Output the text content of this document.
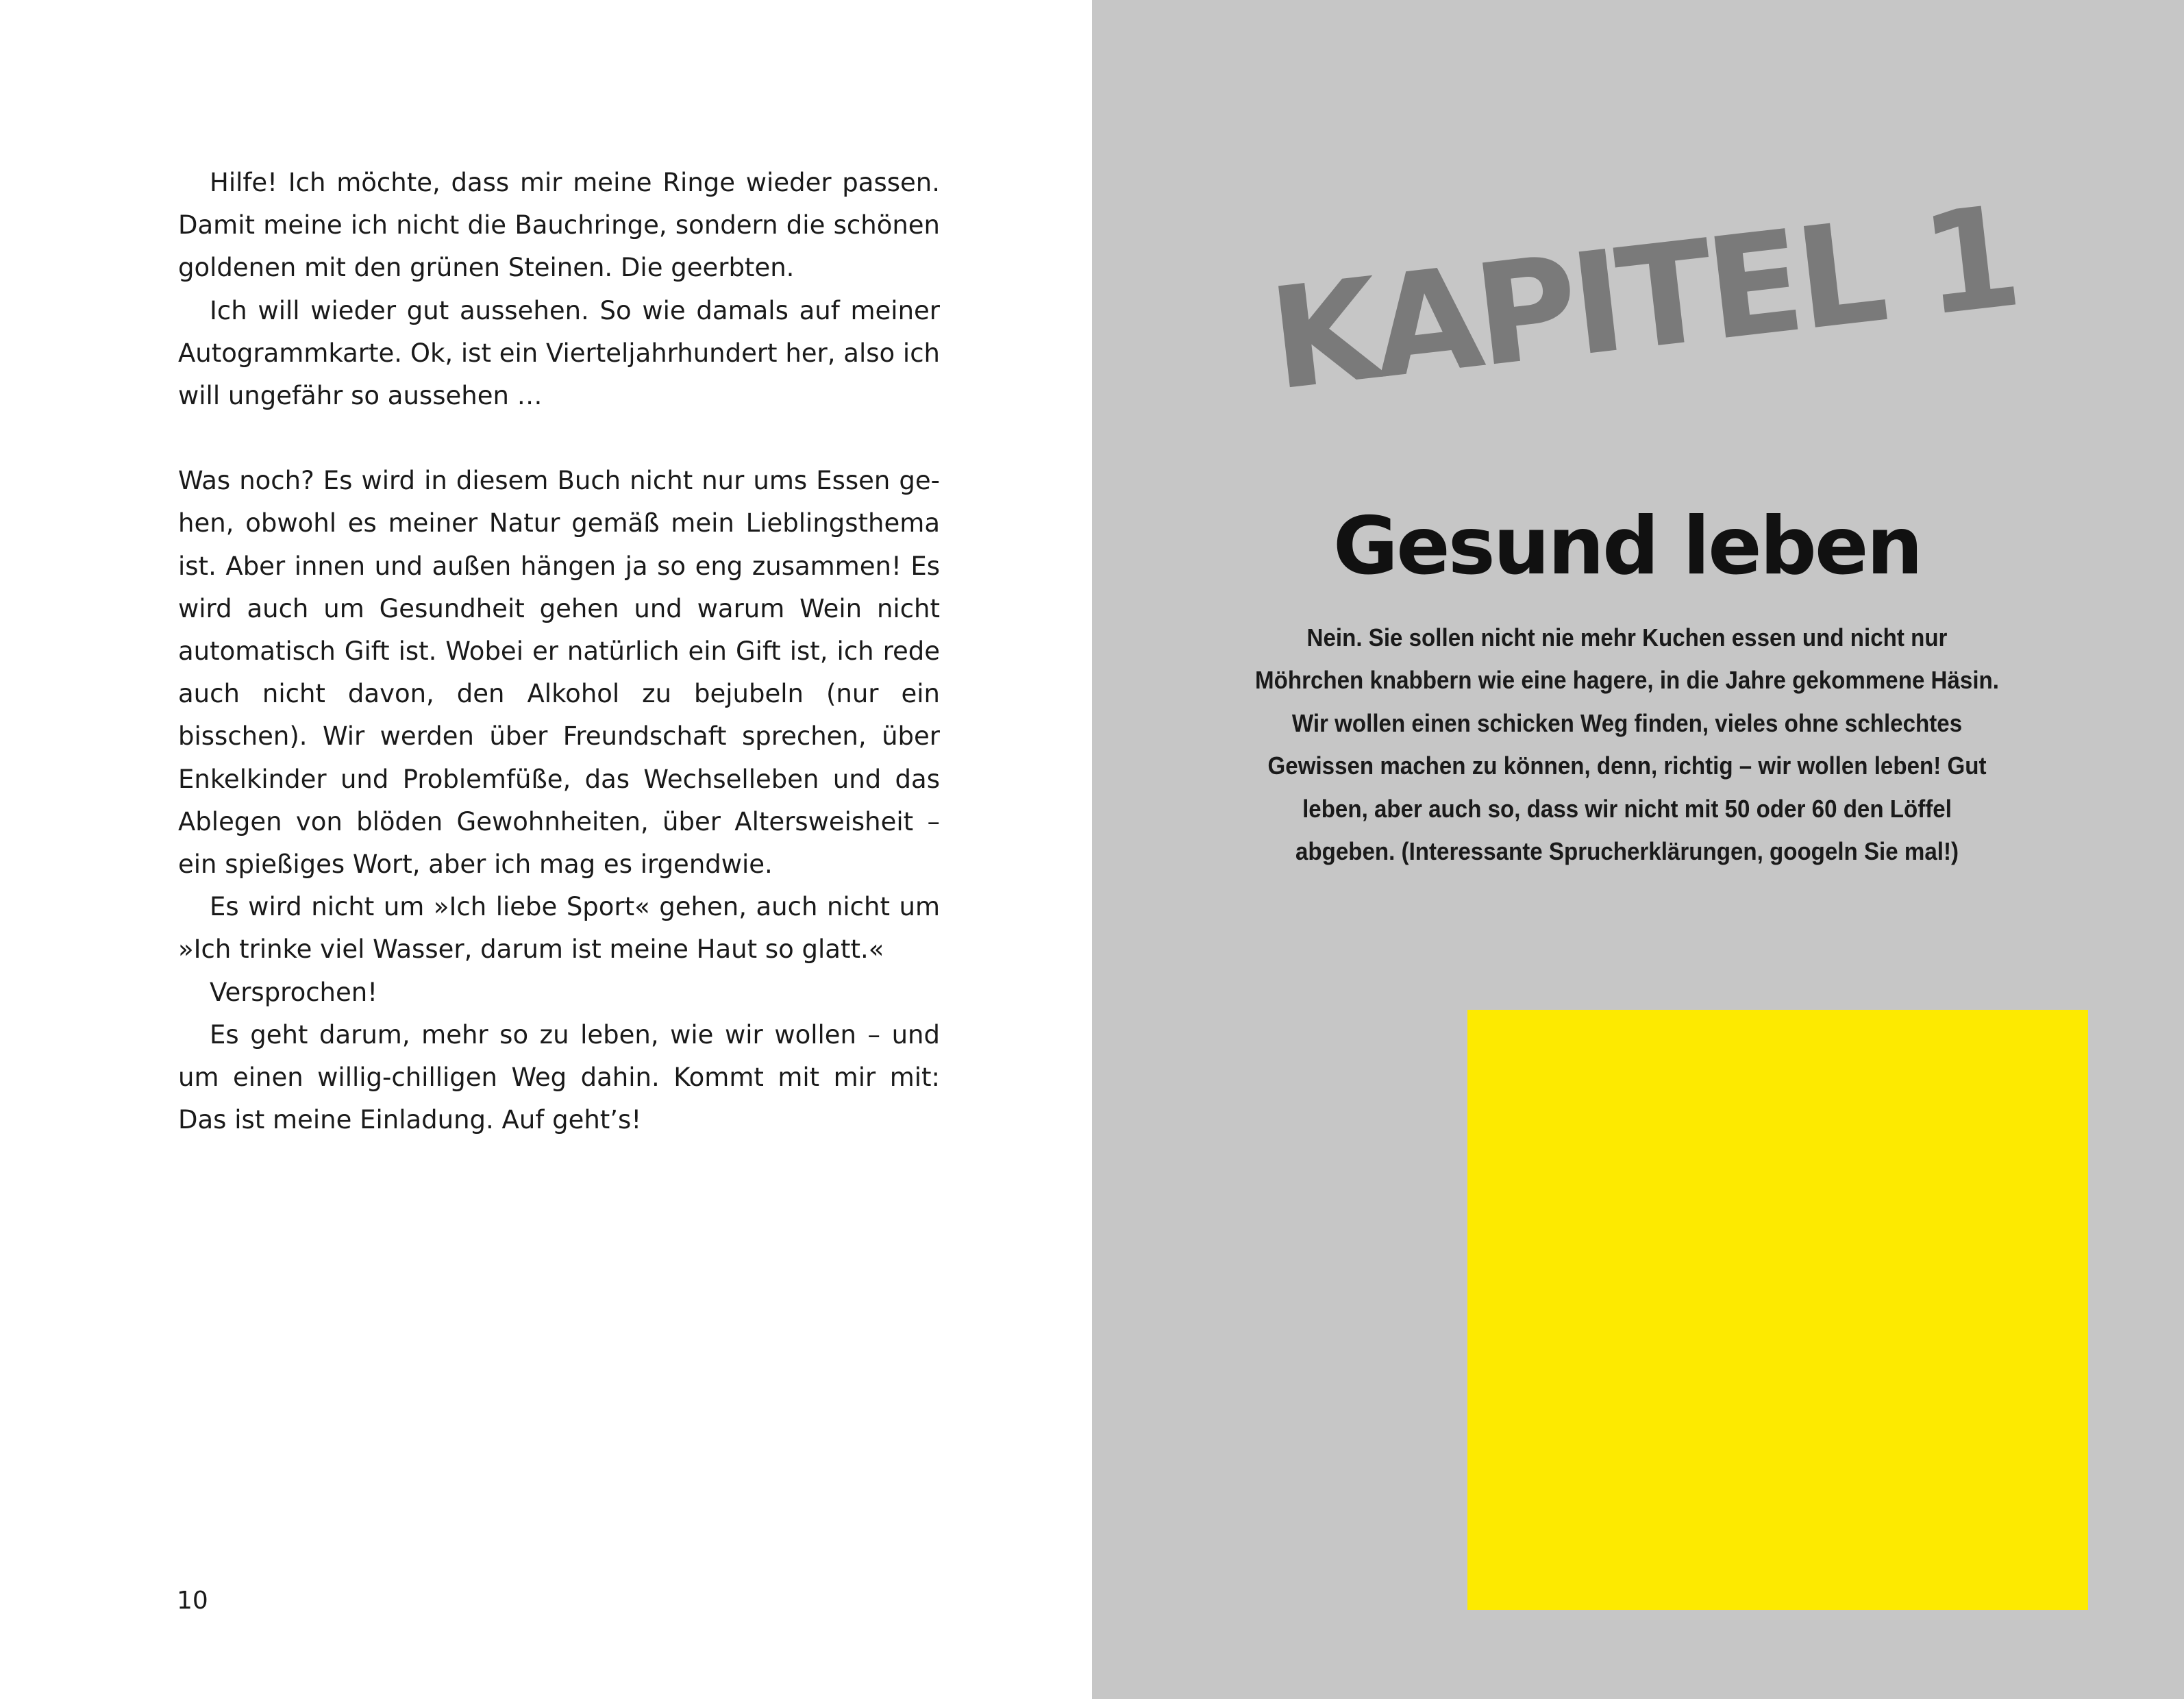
Hilfe! Ich möchte, dass mir meine Ringe wieder passen. Damit meine ich nicht die Bauchringe, sondern die schönen goldenen mit den grünen Steinen. Die geerbten.

Ich will wieder gut aussehen. So wie damals auf meiner Autogrammkarte. Ok, ist ein Vierteljahrhundert her, also ich will ungefähr so aussehen …

Was noch? Es wird in diesem Buch nicht nur ums Essen gehen, obwohl es meiner Natur gemäß mein Lieblingsthema ist. Aber innen und außen hängen ja so eng zusammen! Es wird auch um Gesundheit gehen und warum Wein nicht automatisch Gift ist. Wobei er natürlich ein Gift ist, ich rede auch nicht davon, den Alkohol zu bejubeln (nur ein bisschen). Wir werden über Freundschaft sprechen, über Enkelkinder und Problemfüße, das Wechselleben und das Ablegen von blöden Gewohnheiten, über Altersweisheit – ein spießiges Wort, aber ich mag es irgendwie.

Es wird nicht um »Ich liebe Sport« gehen, auch nicht um »Ich trinke viel Wasser, darum ist meine Haut so glatt.«

Versprochen!

Es geht darum, mehr so zu leben, wie wir wollen – und um einen willig-chilligen Weg dahin. Kommt mit mir mit: Das ist meine Einladung. Auf geht’s!

10
KAPITEL 1
Gesund leben
Nein. Sie sollen nicht nie mehr Kuchen essen und nicht nur Möhrchen knabbern wie eine hagere, in die Jahre gekommene Häsin. Wir wollen einen schicken Weg finden, vieles ohne schlechtes Gewissen machen zu können, denn, richtig – wir wollen leben! Gut leben, aber auch so, dass wir nicht mit 50 oder 60 den Löffel abgeben. (Interessante Sprucherklärungen, googeln Sie mal!)
